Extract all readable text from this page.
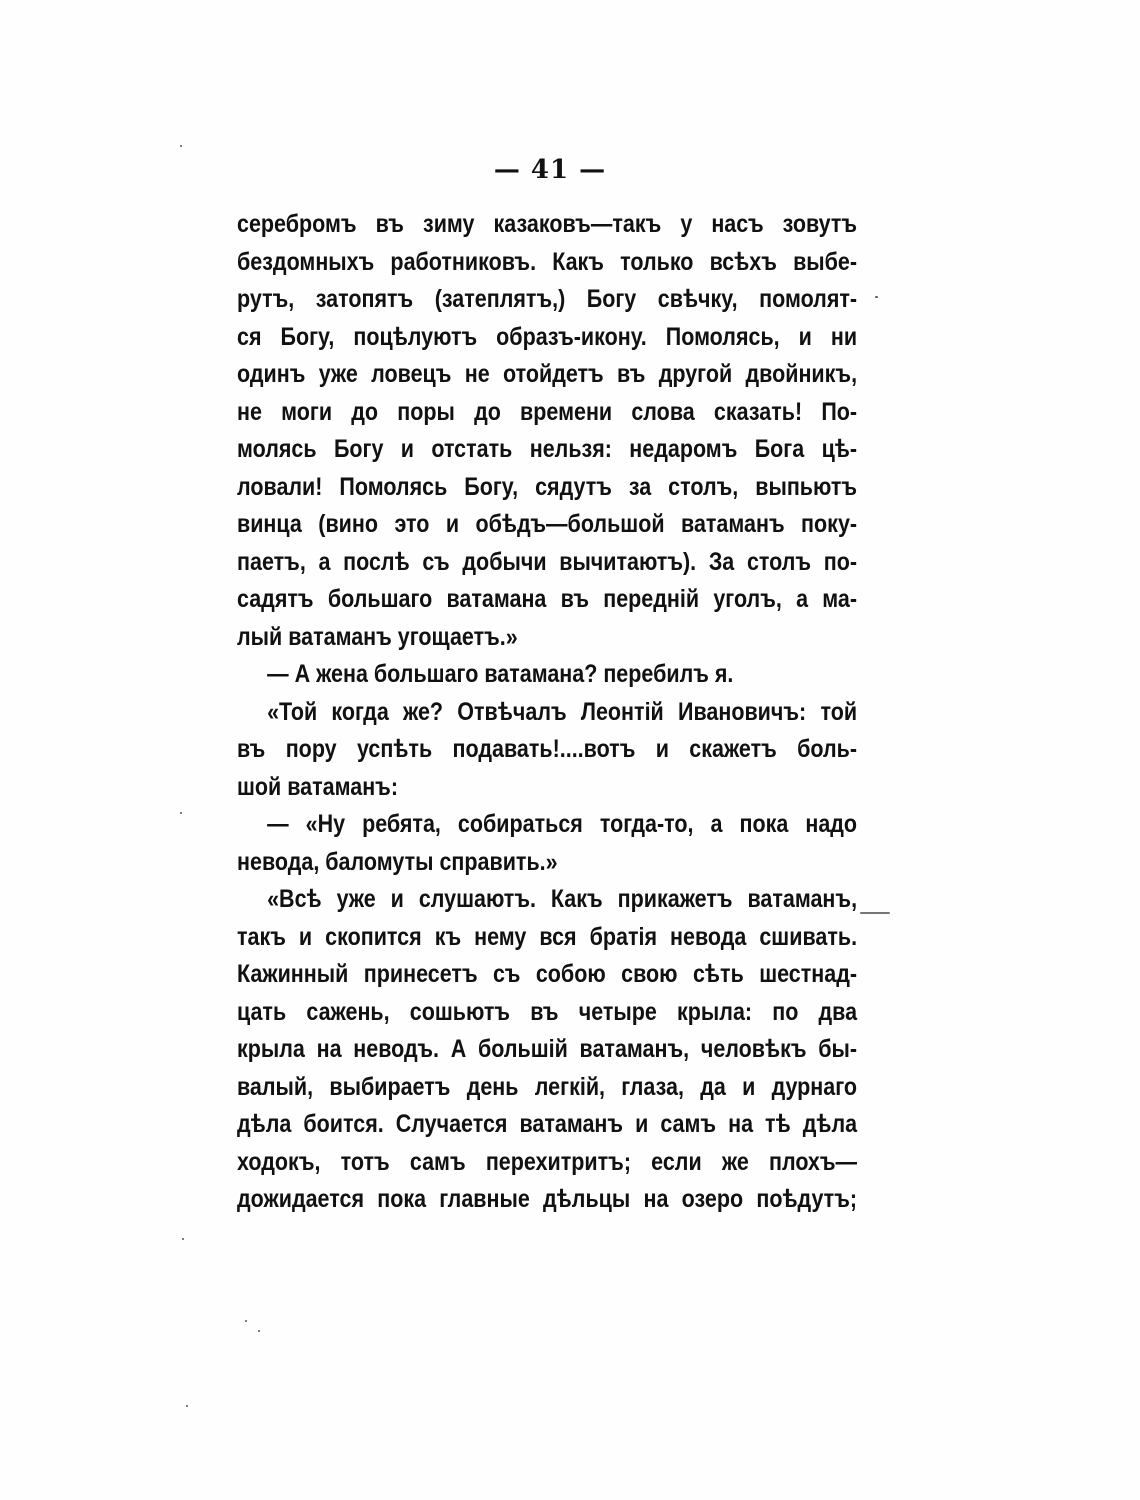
— 41 —
серебромъ въ зиму казаковъ—такъ у насъ зовутъ
бездомныхъ работниковъ. Какъ только всѣхъ выбе-
рутъ, затопятъ (затеплятъ,) Богу свѣчку, помолят-
ся Богу, поцѣлуютъ образъ-икону. Помолясь, и ни
одинъ уже ловецъ не отойдетъ въ другой двойникъ,
не моги до поры до времени слова сказать! По-
молясь Богу и отстать нельзя: недаромъ Бога цѣ-
ловали! Помолясь Богу, сядутъ за столъ, выпьютъ
винца (вино это и обѣдъ—большой ватаманъ поку-
паетъ, а послѣ съ добычи вычитаютъ). За столъ по-
садятъ большаго ватамана въ передній уголъ, а ма-
лый ватаманъ угощаетъ.»
— А жена большаго ватамана? перебилъ я.
«Той когда же? Отвѣчалъ Леонтій Ивановичъ: той
въ пору успѣть подавать!....вотъ и скажетъ боль-
шой ватаманъ:
— «Ну ребята, собираться тогда-то, а пока надо
невода, баломуты справить.»
«Всѣ уже и слушаютъ. Какъ прикажетъ ватаманъ,
такъ и скопится къ нему вся братія невода сшивать.
Кажинный принесетъ съ собою свою сѣть шестнад-
цать сажень, сошьютъ въ четыре крыла: по два
крыла на неводъ. А большій ватаманъ, человѣкъ бы-
валый, выбираетъ день легкій, глаза, да и дурнаго
дѣла боится. Случается ватаманъ и самъ на тѣ дѣла
ходокъ, тотъ самъ перехитритъ; если же плохъ—
дожидается пока главные дѣльцы на озеро поѣдутъ;
